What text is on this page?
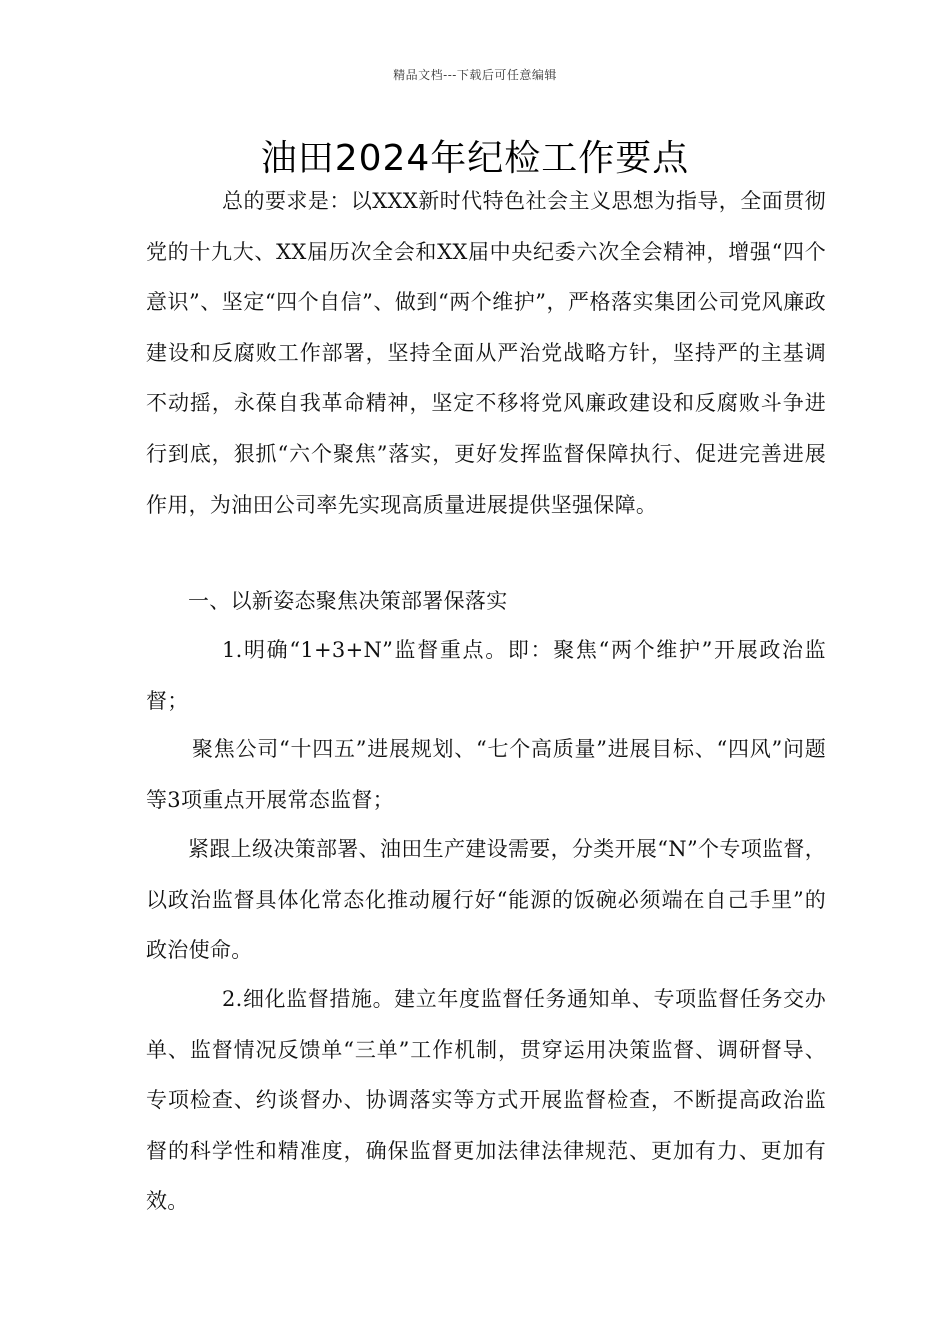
精品文档---下载后可任意编辑
油田2024年纪检工作要点

总的要求是：以XXX新时代特色社会主义思想为指导，全面贯彻党的十九大、XX届历次全会和XX届中央纪委六次全会精神，增强“四个意识”、坚定“四个自信”、做到“两个维护”，严格落实集团公司党风廉政建设和反腐败工作部署，坚持全面从严治党战略方针，坚持严的主基调不动摇，永葆自我革命精神，坚定不移将党风廉政建设和反腐败斗争进行到底，狠抓“六个聚焦”落实，更好发挥监督保障执行、促进完善进展作用，为油田公司率先实现高质量进展提供坚强保障。

一、以新姿态聚焦决策部署保落实

1.明确“1+3+N”监督重点。即：聚焦“两个维护”开展政治监督；

聚焦公司“十四五”进展规划、“七个高质量”进展目标、“四风”问题等3项重点开展常态监督；

紧跟上级决策部署、油田生产建设需要，分类开展“N”个专项监督，以政治监督具体化常态化推动履行好“能源的饭碗必须端在自己手里”的政治使命。

2.细化监督措施。建立年度监督任务通知单、专项监督任务交办单、监督情况反馈单“三单”工作机制，贯穿运用决策监督、调研督导、专项检查、约谈督办、协调落实等方式开展监督检查，不断提高政治监督的科学性和精准度，确保监督更加法律法律规范、更加有力、更加有效。
